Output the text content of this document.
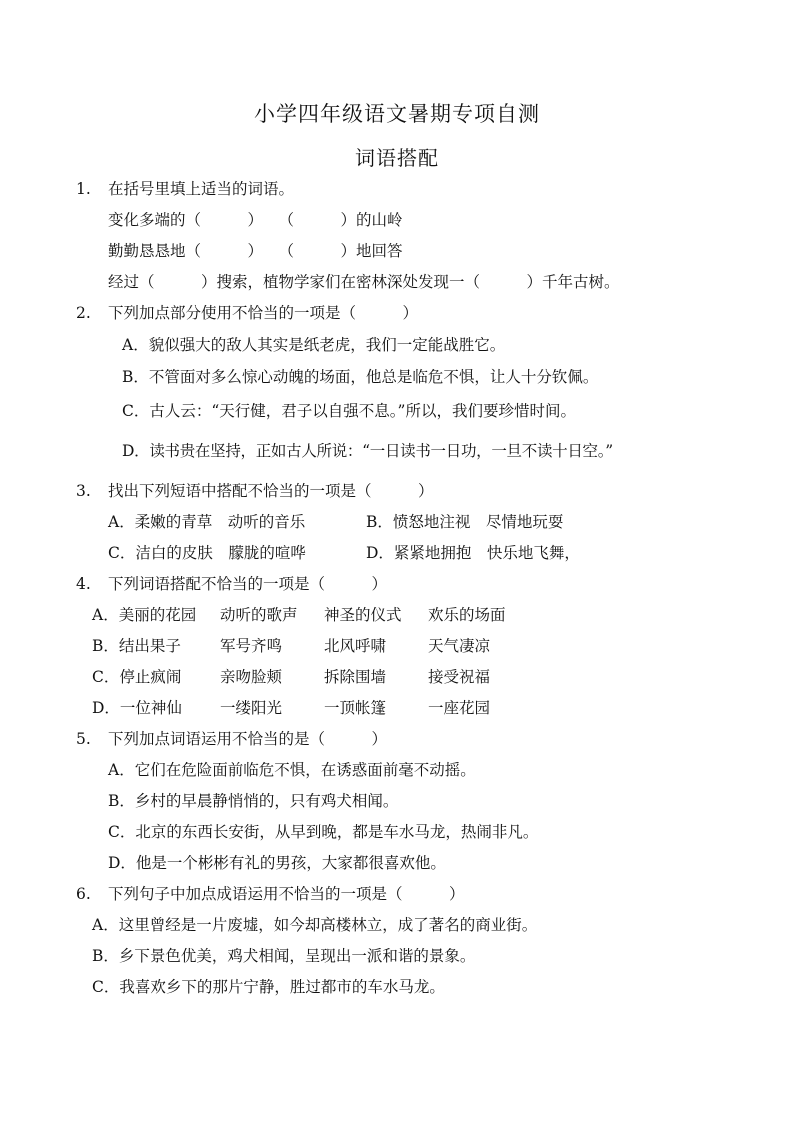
小学四年级语文暑期专项自测
词语搭配
1. 在括号里填上适当的词语。
变化多端的（　　　）　　（　　　）的山岭
勤勤恳恳地（　　　）　　（　　　）地回答
经过（　　　）搜索，植物学家们在密林深处发现一（　　　）千年古树。
2. 下列加点部分使用不恰当的一项是（　　　）
A．貌似强大的敌人其实是纸老虎，我们一定能战胜它。
B．不管面对多么惊心动魄的场面，他总是临危不惧，让人十分钦佩。
C．古人云：“天行健，君子以自强不息。”所以，我们要珍惜时间。
D．读书贵在坚持，正如古人所说：“一日读书一日功，一旦不读十日空。”
3. 找出下列短语中搭配不恰当的一项是（　　　）
A．柔嫩的青草　动听的音乐	B．愤怒地注视　尽情地玩耍
C．洁白的皮肤　朦胧的喧哗	D．紧紧地拥抱　快乐地飞舞，
4. 下列词语搭配不恰当的一项是（　　　）
A．美丽的花园 动听的歌声 神圣的仪式 欢乐的场面
B．结出果子	军号齐鸣	北风呼啸	天气凄凉
C．停止疯闹 亲吻脸颊	拆除围墙	接受祝福
D．一位神仙 一缕阳光	一顶帐篷	一座花园
5. 下列加点词语运用不恰当的是（　　　）
A．它们在危险面前临危不惧，在诱惑面前毫不动摇。
B．乡村的早晨静悄悄的，只有鸡犬相闻。
C．北京的东西长安街，从早到晚，都是车水马龙，热闹非凡。
D．他是一个彬彬有礼的男孩，大家都很喜欢他。
6. 下列句子中加点成语运用不恰当的一项是（　　　）
A．这里曾经是一片废墟，如今却高楼林立，成了著名的商业街。
B．乡下景色优美，鸡犬相闻，呈现出一派和谐的景象。
C．我喜欢乡下的那片宁静，胜过都市的车水马龙。
